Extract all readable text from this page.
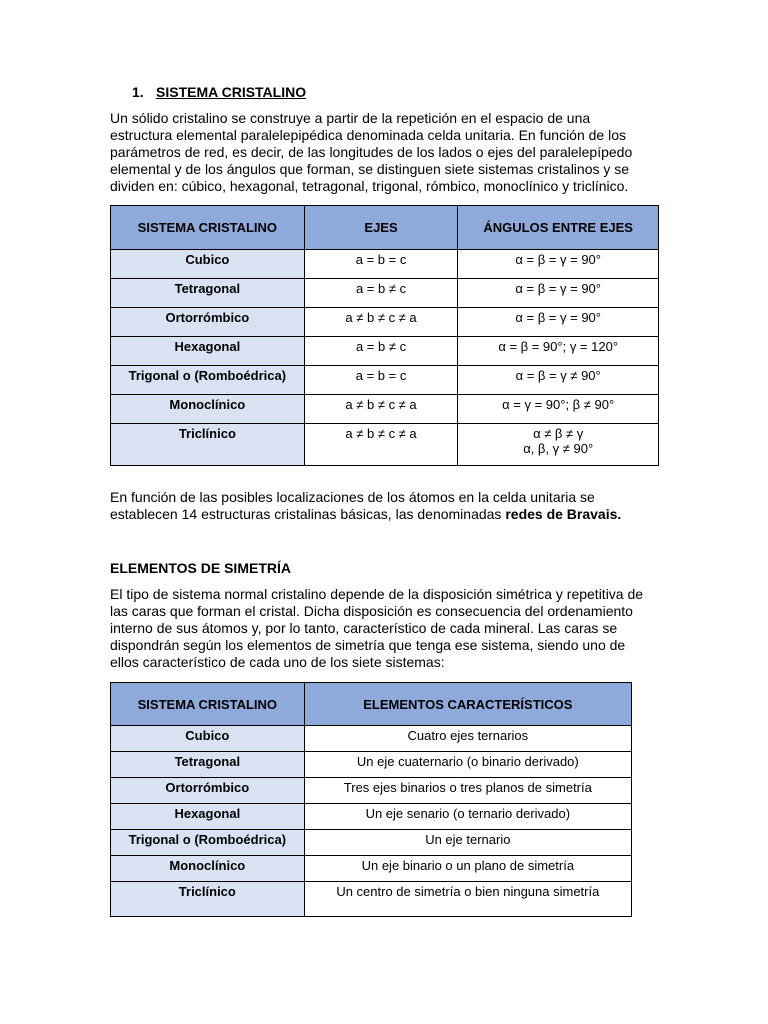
1. SISTEMA CRISTALINO

Un sólido cristalino se construye a partir de la repetición en el espacio de una estructura elemental paralelepipédica denominada celda unitaria. En función de los parámetros de red, es decir, de las longitudes de los lados o ejes del paralelepípedo elemental y de los ángulos que forman, se distinguen siete sistemas cristalinos y se dividen en: cúbico, hexagonal, tetragonal, trigonal, rómbico, monoclínico y triclínico.

SISTEMA CRISTALINO	EJES	ÁNGULOS ENTRE EJES

Cubico	a = b = c	α = β = γ = 90°

Tetragonal	a = b ≠ c	α = β = γ = 90°

Ortorrómbico	a ≠ b ≠ c ≠ a	α = β = γ = 90°

Hexagonal	a = b ≠ c	α = β = 90°; γ = 120°

Trigonal o (Romboédrica)	a = b = c	α = β = γ ≠ 90°

Monoclínico	a ≠ b ≠ c ≠ a	α = γ = 90°; β ≠ 90°

Triclínico	a ≠ b ≠ c ≠ a	α ≠ β ≠ γ
α, β, γ ≠ 90°

En función de las posibles localizaciones de los átomos en la celda unitaria se establecen 14 estructuras cristalinas básicas, las denominadas redes de Bravais.

ELEMENTOS DE SIMETRÍA

El tipo de sistema normal cristalino depende de la disposición simétrica y repetitiva de las caras que forman el cristal. Dicha disposición es consecuencia del ordenamiento interno de sus átomos y, por lo tanto, característico de cada mineral. Las caras se dispondrán según los elementos de simetría que tenga ese sistema, siendo uno de ellos característico de cada uno de los siete sistemas:

SISTEMA CRISTALINO	ELEMENTOS CARACTERÍSTICOS

Cubico	Cuatro ejes ternarios

Tetragonal	Un eje cuaternario (o binario derivado)

Ortorrómbico	Tres ejes binarios o tres planos de simetría

Hexagonal	Un eje senario (o ternario derivado)

Trigonal o (Romboédrica)	Un eje ternario

Monoclínico	Un eje binario o un plano de simetría

Triclínico	Un centro de simetría o bien ninguna simetría
